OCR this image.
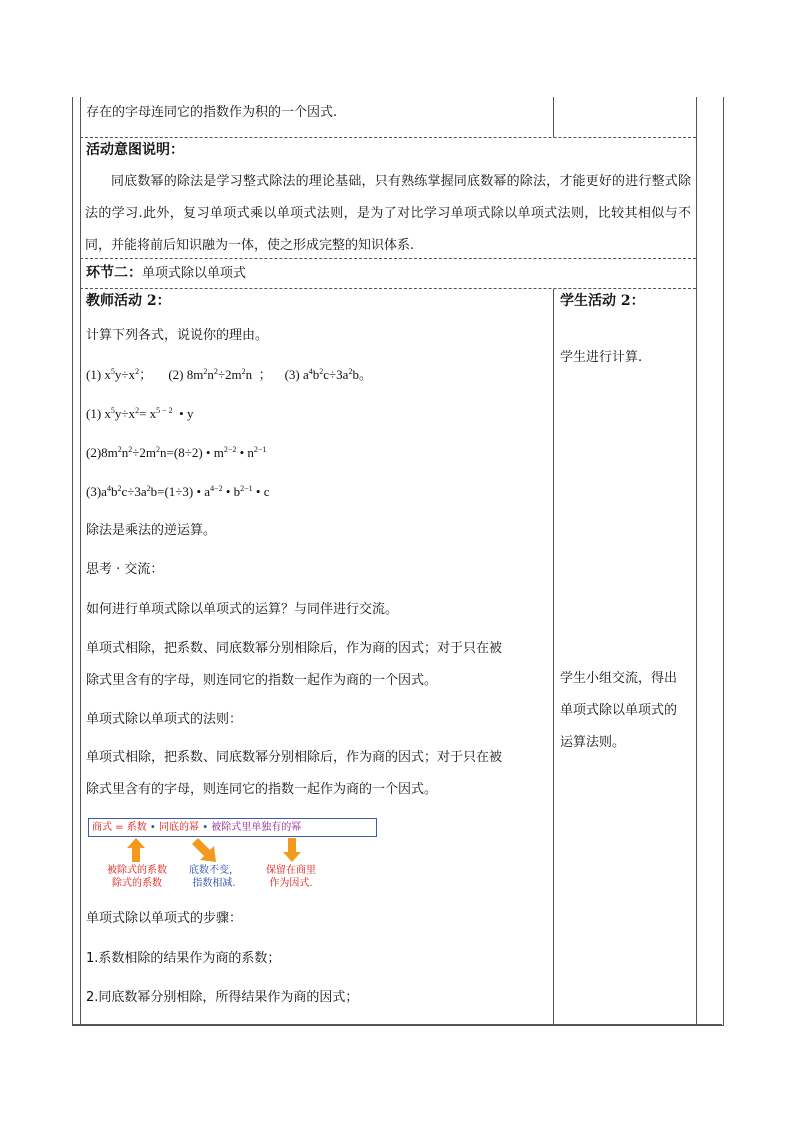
存在的字母连同它的指数作为积的一个因式.
活动意图说明：
同底数幂的除法是学习整式除法的理论基础，只有熟练掌握同底数幂的除法，才能更好的进行整式除法的学习.此外，复习单项式乘以单项式法则，是为了对比学习单项式除以单项式法则，比较其相似与不同，并能将前后知识融为一体，使之形成完整的知识体系.
环节二：单项式除以单项式
教师活动 2：
计算下列各式，说说你的理由。
(1) $x^5y\div x^2$；     (2) $8m^2n^2\div 2m^2n$  ；    (3) $a^4b^2c\div 3a^2b$。
(1) $x^5y\div x^2= x^{5 - 2}$  • y
$(2)8m^2n^2\div 2m^2n=(8\div 2)$ • $m^{2-2}$ • $n^{2-1}$
$(3)a^4b^2c\div 3a^2b=(1\div 3)$ • $a^{4-2}$ • $b^{2-1}$ • c
除法是乘法的逆运算。
思考 · 交流：
如何进行单项式除以单项式的运算？与同伴进行交流。
单项式相除，把系数、同底数幂分别相除后，作为商的因式；对于只在被
除式里含有的字母，则连同它的指数一起作为商的一个因式。
单项式除以单项式的法则：
单项式相除，把系数、同底数幂分别相除后，作为商的因式；对于只在被
除式里含有的字母，则连同它的指数一起作为商的一个因式。
商式 = 系数 • 同底的幂 • 被除式里单独有的幂
被除式的系数
除式的系数
底数不变，
指数相减.
保留在商里
作为因式.
单项式除以单项式的步骤：
1.系数相除的结果作为商的系数；
2.同底数幂分别相除，所得结果作为商的因式；
学生活动 2：
学生进行计算.
学生小组交流，得出
单项式除以单项式的
运算法则。
